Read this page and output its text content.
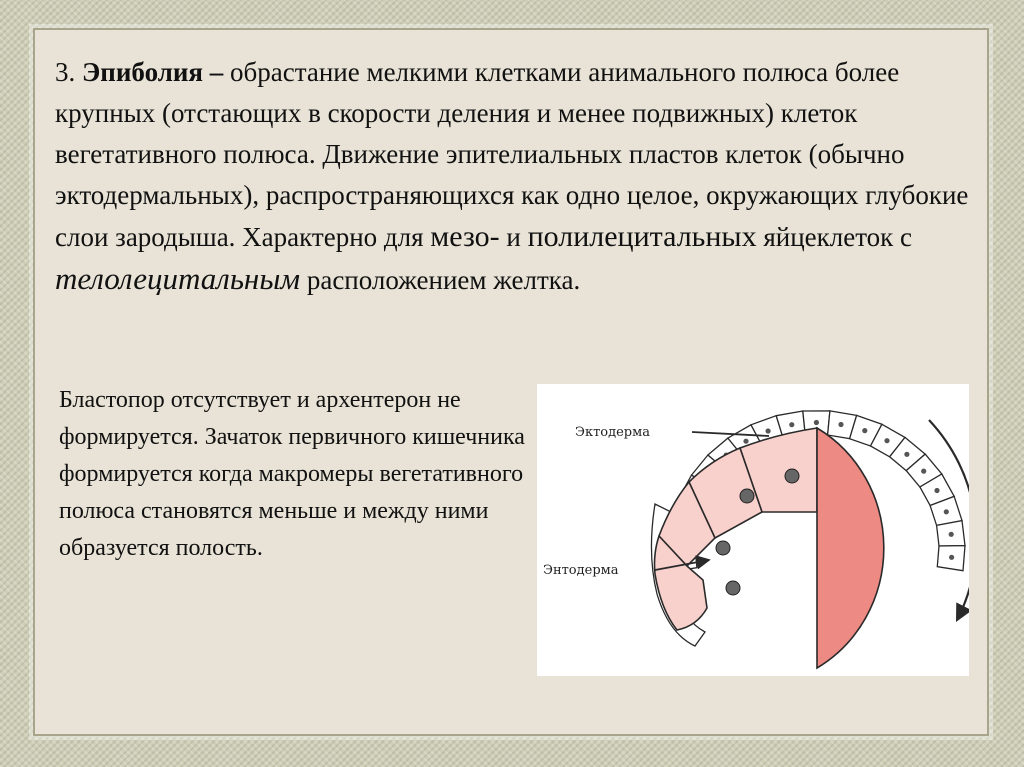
3. Эпиболия – обрастание мелкими клетками анимального полюса более крупных (отстающих в скорости деления и менее подвижных) клеток вегетативного полюса. Движение эпителиальных пластов клеток (обычно эктодермальных), распространяющихся как одно целое, окружающих глубокие слои зародыша. Характерно для мезо- и полилецитальных яйцеклеток с телолецитальным расположением желтка.

Бластопор отсутствует и архентерон не формируется. Зачаток первичного кишечника формируется когда макромеры вегетативного полюса становятся меньше и между ними образуется полость.

Эктодерма
Энтодерма
